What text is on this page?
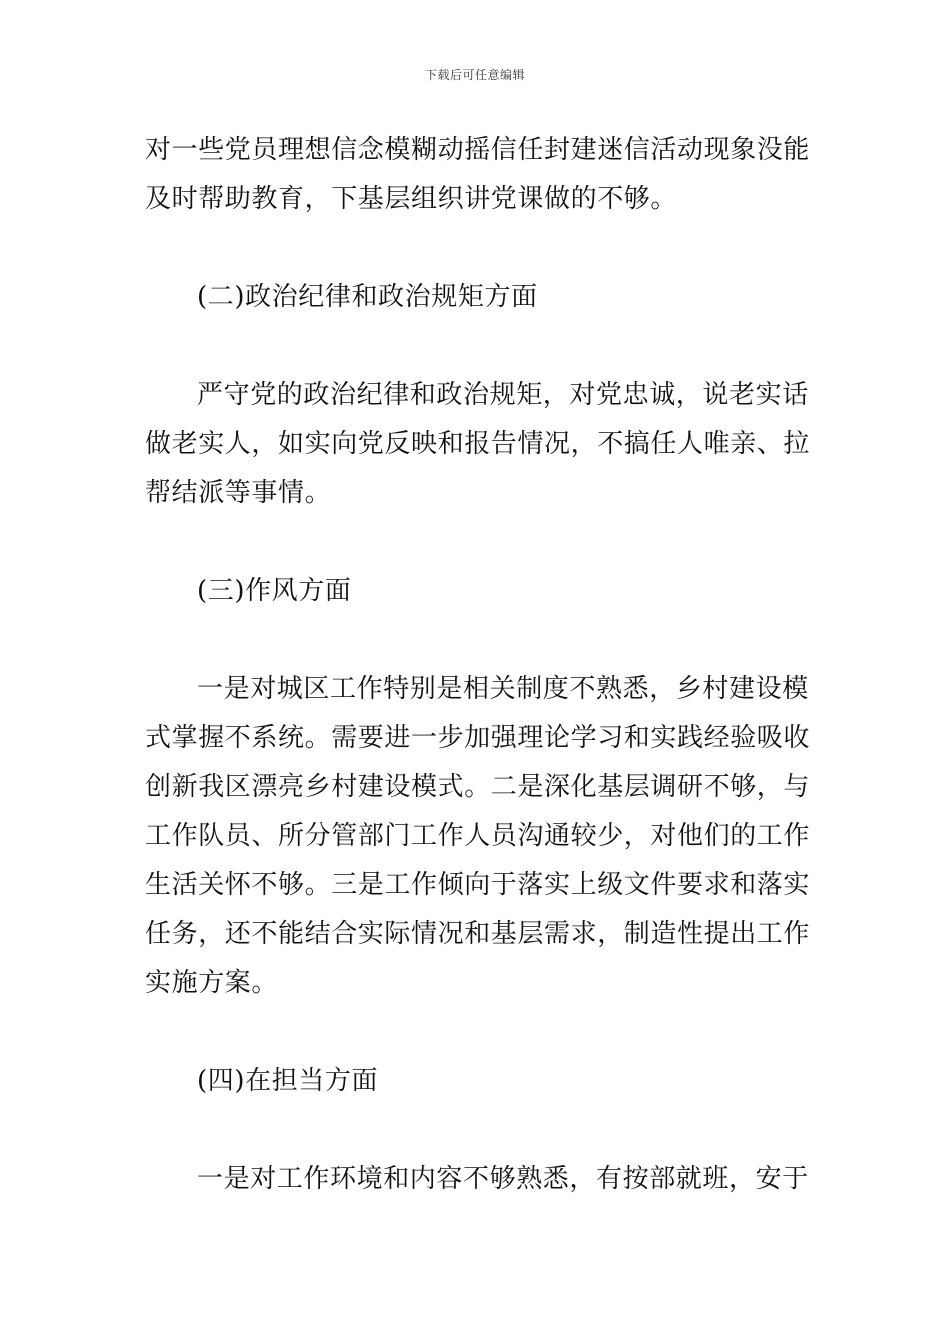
下载后可任意编辑
对一些党员理想信念模糊动摇信任封建迷信活动现象没能
及时帮助教育，下基层组织讲党课做的不够。
(二)政治纪律和政治规矩方面
严守党的政治纪律和政治规矩，对党忠诚，说老实话
做老实人，如实向党反映和报告情况，不搞任人唯亲、拉
帮结派等事情。
(三)作风方面
一是对城区工作特别是相关制度不熟悉，乡村建设模
式掌握不系统。需要进一步加强理论学习和实践经验吸收
创新我区漂亮乡村建设模式。二是深化基层调研不够，与
工作队员、所分管部门工作人员沟通较少，对他们的工作
生活关怀不够。三是工作倾向于落实上级文件要求和落实
任务，还不能结合实际情况和基层需求，制造性提出工作
实施方案。
(四)在担当方面
一是对工作环境和内容不够熟悉，有按部就班，安于
